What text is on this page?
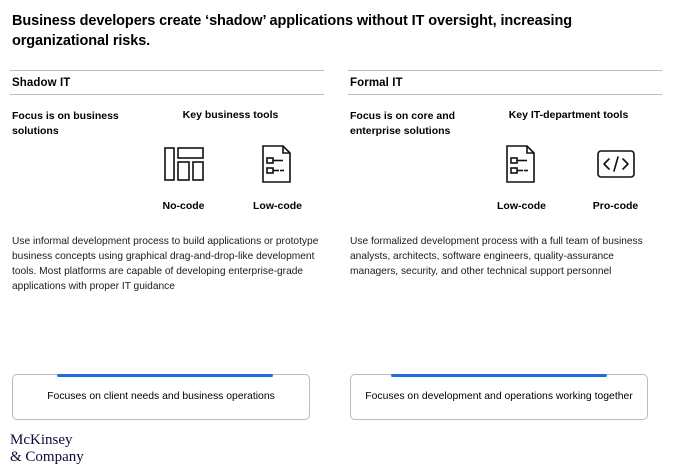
Business developers create ‘shadow’ applications without IT oversight, increasing organizational risks.
Shadow IT
Focus is on business solutions
Key business tools
No-code	Low-code
Use informal development process to build applications or prototype business concepts using graphical drag-and-drop-like development tools. Most platforms are capable of developing enterprise-grade applications with proper IT guidance
Focuses on client needs and business operations
Formal IT
Focus is on core and enterprise solutions
Key IT-department tools
Low-code	Pro-code
Use formalized development process with a full team of business analysts, architects, software engineers, quality-assurance managers, security, and other technical support personnel
Focuses on development and operations working together
McKinsey
& Company
